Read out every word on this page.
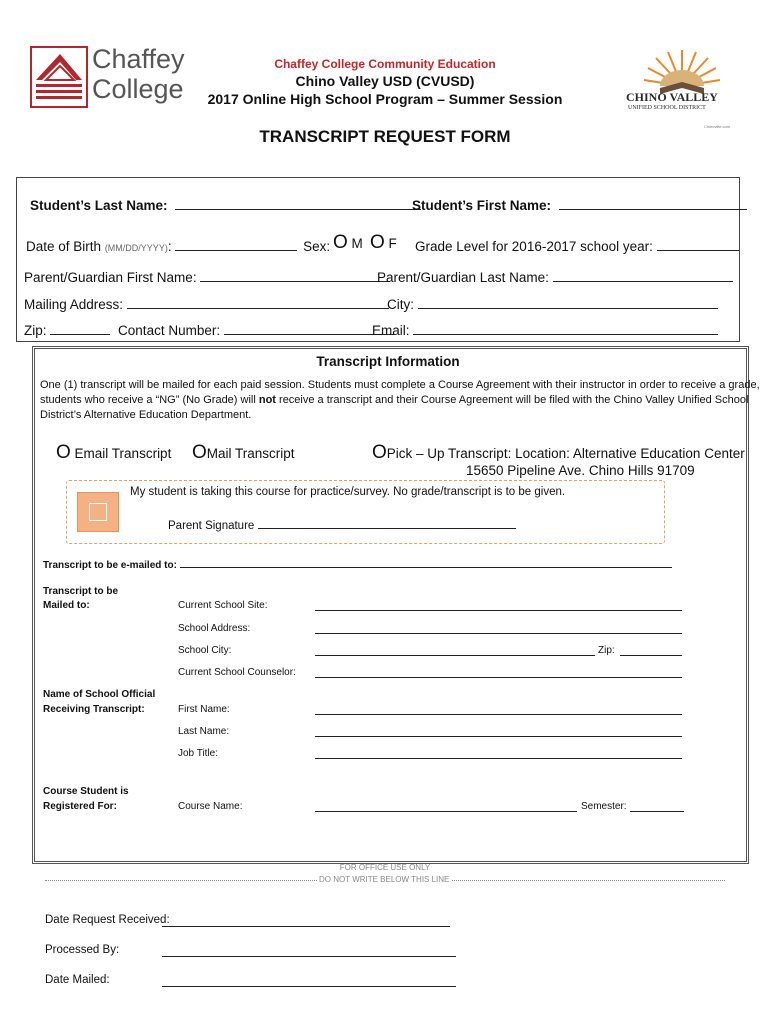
Chaffey
College
Chaffey College Community Education
Chino Valley USD (CVUSD)
2017 Online High School Program – Summer Session
TRANSCRIPT REQUEST FORM
CHINO VALLEY
UNIFIED SCHOOL DISTRICT
Chinoville.com
Student’s Last Name:	Student’s First Name:
Date of Birth (MM/DD/YYYY):	Sex: O M O F Grade Level for 2016-2017 school year:
Parent/Guardian First Name:	Parent/Guardian Last Name:
Mailing Address:	City:
Zip:	Contact Number:	Email:
Transcript Information
One (1) transcript will be mailed for each paid session. Students must complete a Course Agreement with their instructor in order to receive a grade,
students who receive a “NG” (No Grade) will not receive a transcript and their Course Agreement will be filed with the Chino Valley Unified School
District’s Alternative Education Department.
O Email Transcript OMail Transcript	OPick – Up Transcript: Location: Alternative Education Center
15650 Pipeline Ave. Chino Hills 91709
My student is taking this course for practice/survey. No grade/transcript is to be given.
Parent Signature
Transcript to be e-mailed to:
Transcript to be
Mailed to:	Current School Site:
School Address:
School City:	Zip:
Current School Counselor:
Name of School Official
Receiving Transcript:	First Name:
Last Name:
Job Title:
Course Student is
Registered For:	Course Name:	Semester:
FOR OFFICE USE ONLY
DO NOT WRITE BELOW THIS LINE
Date Request Received:
Processed By:
Date Mailed:
